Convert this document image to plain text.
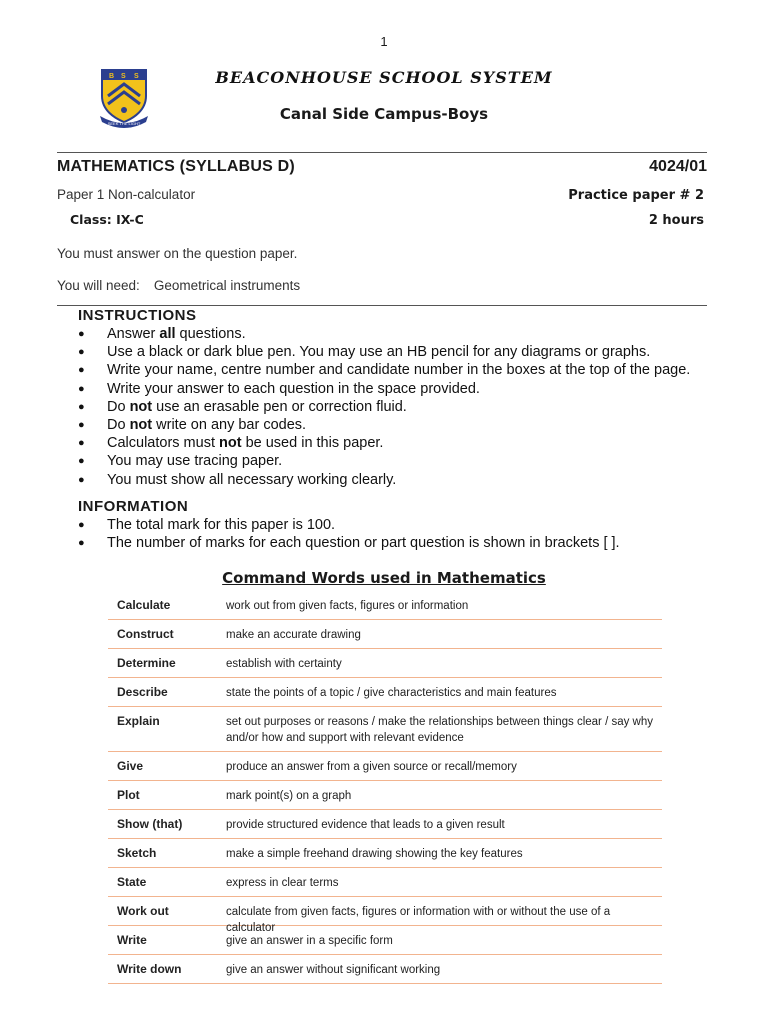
1
B S S
SEEK THE LIGHT
BEACONHOUSE SCHOOL SYSTEM
Canal Side Campus-Boys
MATHEMATICS (SYLLABUS D)	4024/01
Paper 1 Non-calculator	Practice paper # 2
Class: IX-C	2 hours
You must answer on the question paper.
You will need: Geometrical instruments
INSTRUCTIONS
● Answer all questions.
● Use a black or dark blue pen. You may use an HB pencil for any diagrams or graphs.
● Write your name, centre number and candidate number in the boxes at the top of the page.
● Write your answer to each question in the space provided.
● Do not use an erasable pen or correction fluid.
● Do not write on any bar codes.
● Calculators must not be used in this paper.
● You may use tracing paper.
● You must show all necessary working clearly.
INFORMATION
● The total mark for this paper is 100.
● The number of marks for each question or part question is shown in brackets [ ].
Command Words used in Mathematics
Calculate	work out from given facts, figures or information
Construct	make an accurate drawing
Determine	establish with certainty
Describe	state the points of a topic / give characteristics and main features
Explain	set out purposes or reasons / make the relationships between things clear / say why and/or how and support with relevant evidence
Give	produce an answer from a given source or recall/memory
Plot	mark point(s) on a graph
Show (that)	provide structured evidence that leads to a given result
Sketch	make a simple freehand drawing showing the key features
State	express in clear terms
Work out	calculate from given facts, figures or information with or without the use of a calculator
Write	give an answer in a specific form
Write down	give an answer without significant working
